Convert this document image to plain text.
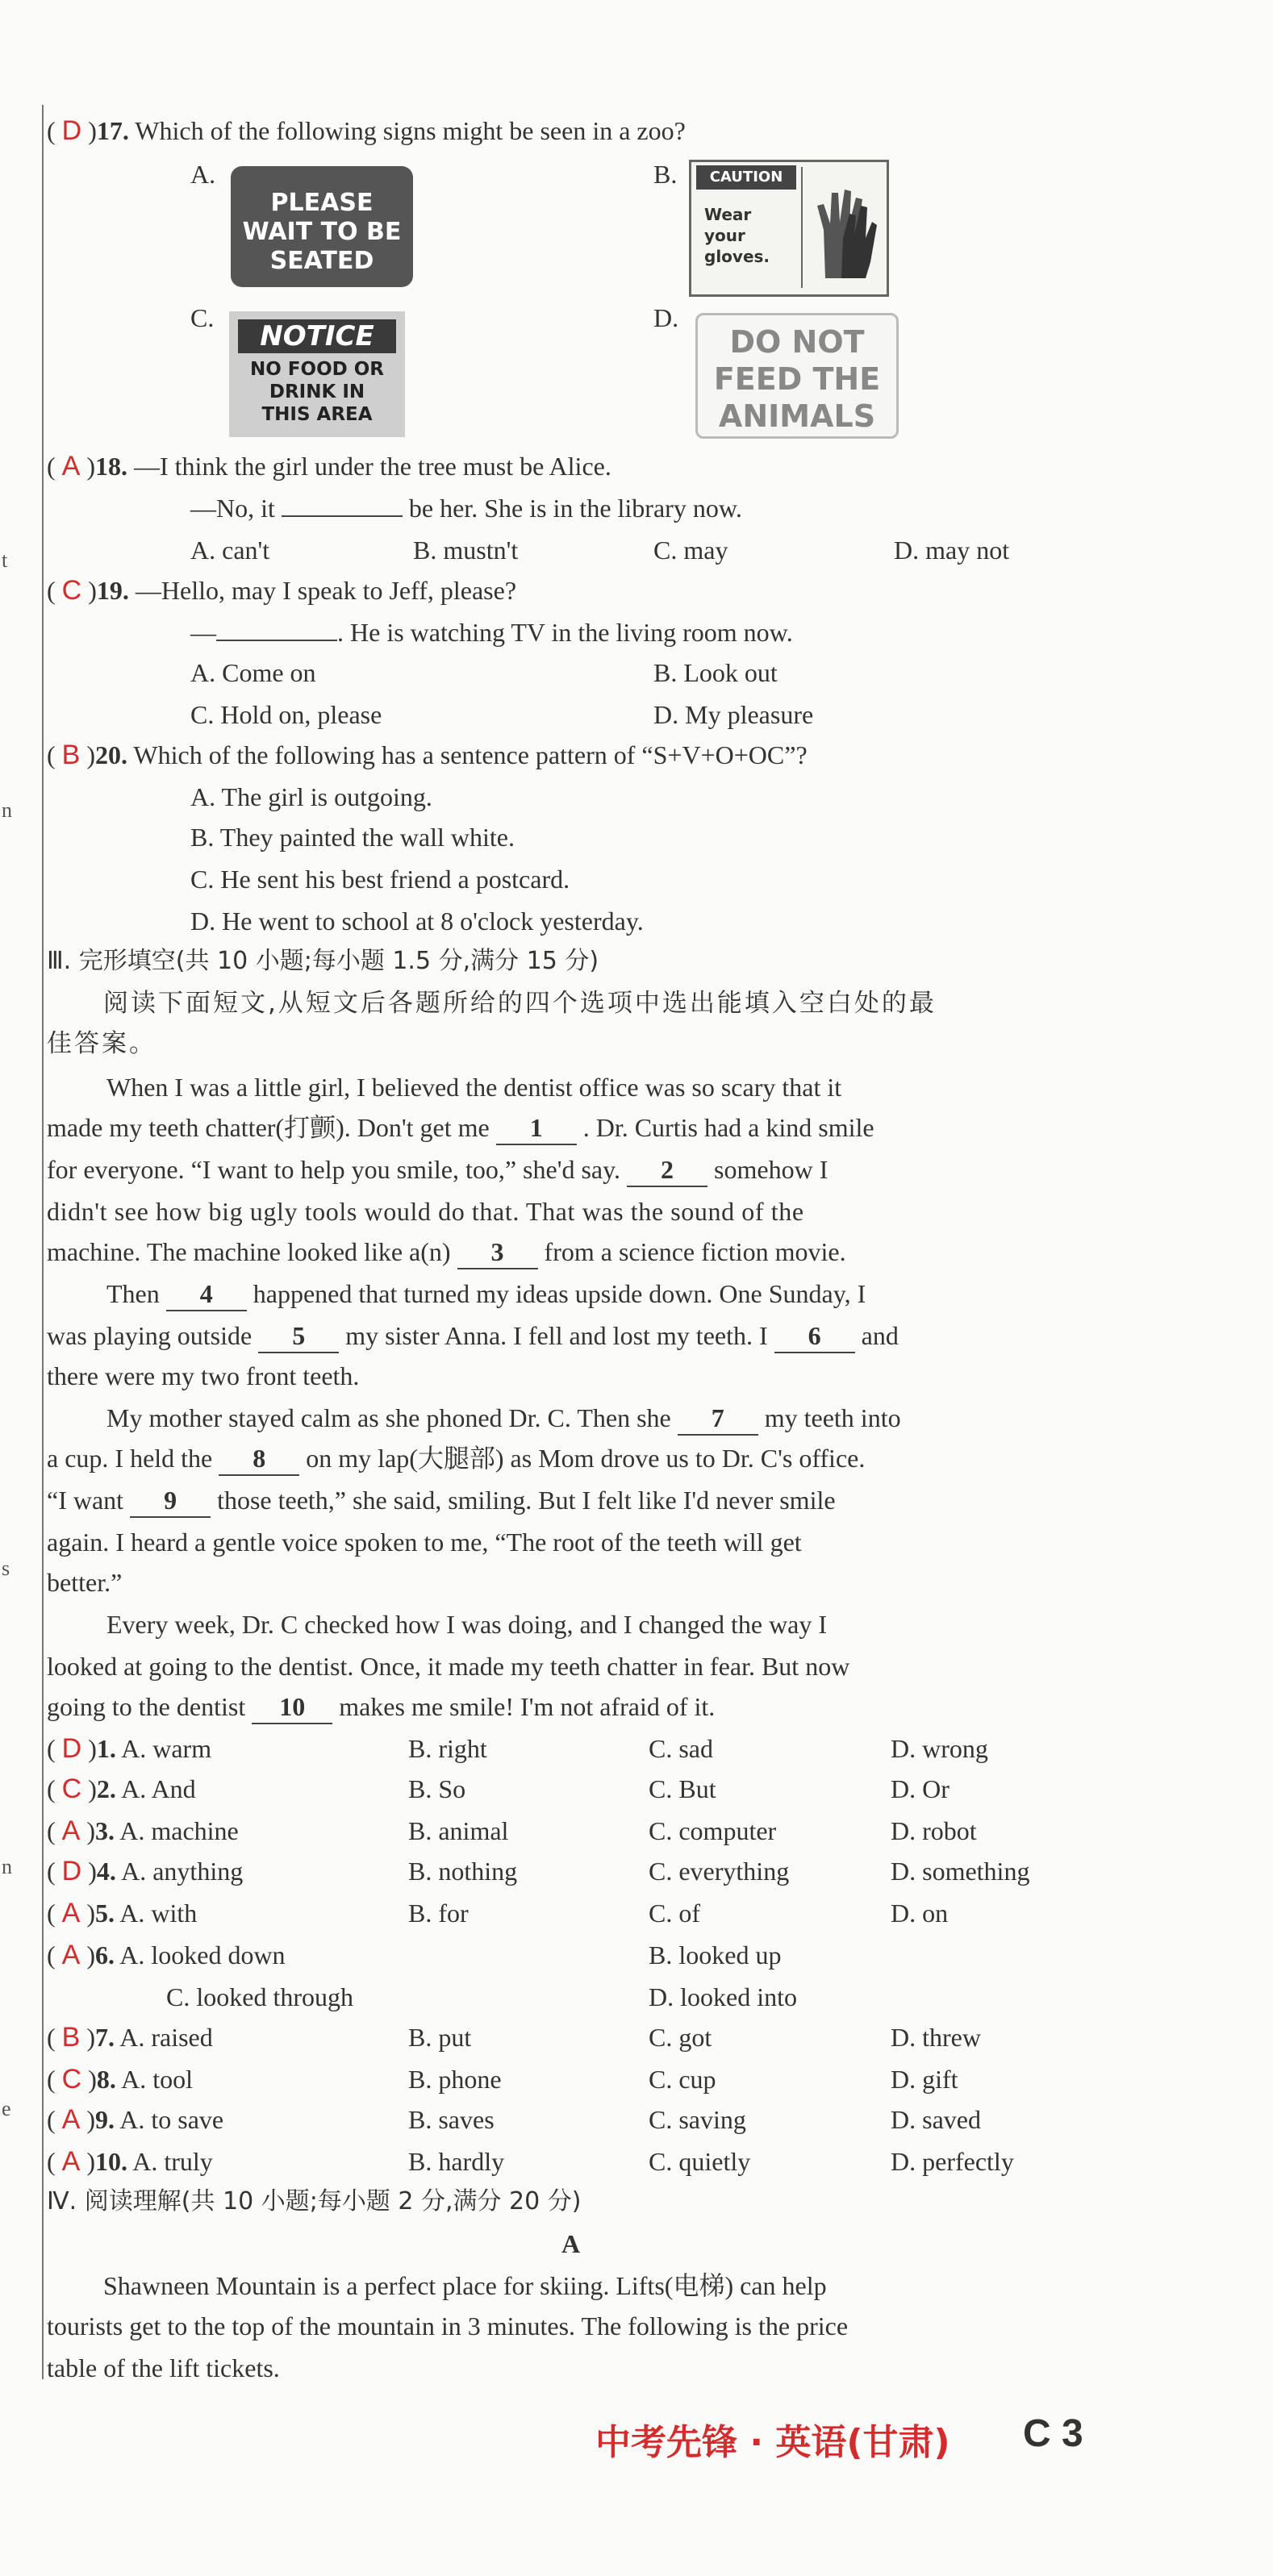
t
n
s
n
e
( D )17. Which of the following signs might be seen in a zoo?
A.
PLEASE
WAIT TO BE
SEATED
B.	CAUTION
Wear
your
gloves.
C.
NOTICE
NO FOOD OR
DRINK IN
THIS AREA
D.
DO NOT
FEED THE
ANIMALS
( A )18. —I think the girl under the tree must be Alice.
—No, it	be her. She is in the library now.
A. can't	B. mustn't	C. may	D. may not
( C )19. —Hello, may I speak to Jeff, please?
—	. He is watching TV in the living room now.
A. Come on	B. Look out
C. Hold on, please	D. My pleasure
( B )20. Which of the following has a sentence pattern of “S+V+O+OC”?
A. The girl is outgoing.
B. They painted the wall white.
C. He sent his best friend a postcard.
D. He went to school at 8 o'clock yesterday.
Ⅲ. 完形填空(共 10 小题;每小题 1.5 分,满分 15 分)
阅读下面短文,从短文后各题所给的四个选项中选出能填入空白处的最
佳答案。
When I was a little girl, I believed the dentist office was so scary that it
made my teeth chatter(打颤). Don't get me 1 . Dr. Curtis had a kind smile
for everyone. “I want to help you smile, too,” she'd say. 2 somehow I
didn't see how big ugly tools would do that. That was the sound of the
machine. The machine looked like a(n) 3 from a science fiction movie.
Then 4 happened that turned my ideas upside down. One Sunday, I
was playing outside 5 my sister Anna. I fell and lost my teeth. I 6 and
there were my two front teeth.
My mother stayed calm as she phoned Dr. C. Then she 7 my teeth into
a cup. I held the 8 on my lap(大腿部) as Mom drove us to Dr. C's office.
“I want 9 those teeth,” she said, smiling. But I felt like I'd never smile
again. I heard a gentle voice spoken to me, “The root of the teeth will get
better.”
Every week, Dr. C checked how I was doing, and I changed the way I
looked at going to the dentist. Once, it made my teeth chatter in fear. But now
going to the dentist 10 makes me smile! I'm not afraid of it.
( D )1. A. warm	B. right	C. sad	D. wrong
( C )2. A. And	B. So	C. But	D. Or
( A )3. A. machine	B. animal	C. computer	D. robot
( D )4. A. anything	B. nothing	C. everything	D. something
( A )5. A. with	B. for	C. of	D. on
( A )6. A. looked down	B. looked up
C. looked through	D. looked into
( B )7. A. raised	B. put	C. got	D. threw
( C )8. A. tool	B. phone	C. cup	D. gift
( A )9. A. to save	B. saves	C. saving	D. saved
( A )10. A. truly	B. hardly	C. quietly	D. perfectly
Ⅳ. 阅读理解(共 10 小题;每小题 2 分,满分 20 分)
A
Shawneen Mountain is a perfect place for skiing. Lifts(电梯) can help
tourists get to the top of the mountain in 3 minutes. The following is the price
table of the lift tickets.
中考先锋 · 英语(甘肃) C 3
